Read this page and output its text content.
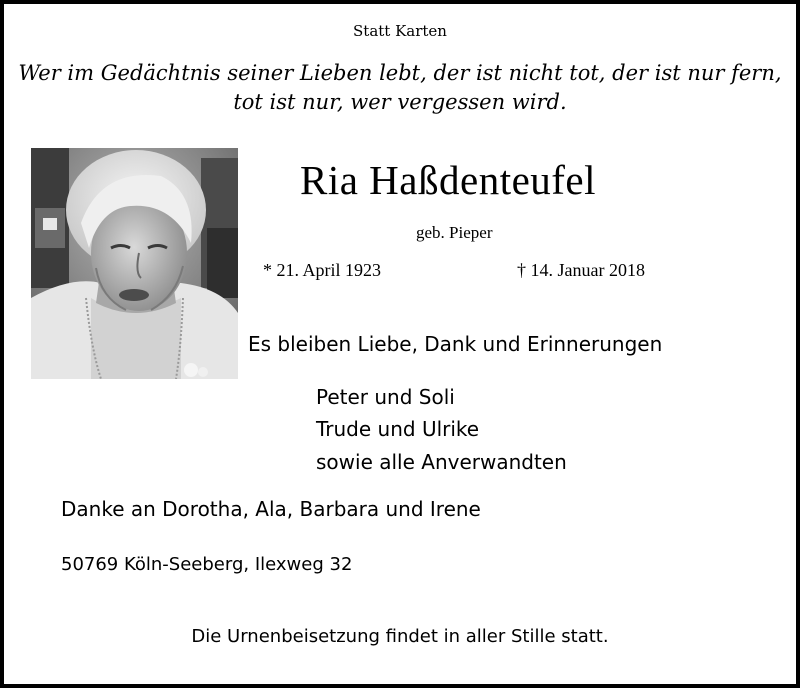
Statt Karten
Wer im Gedächtnis seiner Lieben lebt, der ist nicht tot, der ist nur fern,
tot ist nur, wer vergessen wird.
Ria Haßdenteufel
geb. Pieper
* 21. April 1923	† 14. Januar 2018
Es bleiben Liebe, Dank und Erinnerungen
Peter und Soli
Trude und Ulrike
sowie alle Anverwandten
Danke an Dorotha, Ala, Barbara und Irene
50769 Köln-Seeberg, Ilexweg 32
Die Urnenbeisetzung findet in aller Stille statt.
